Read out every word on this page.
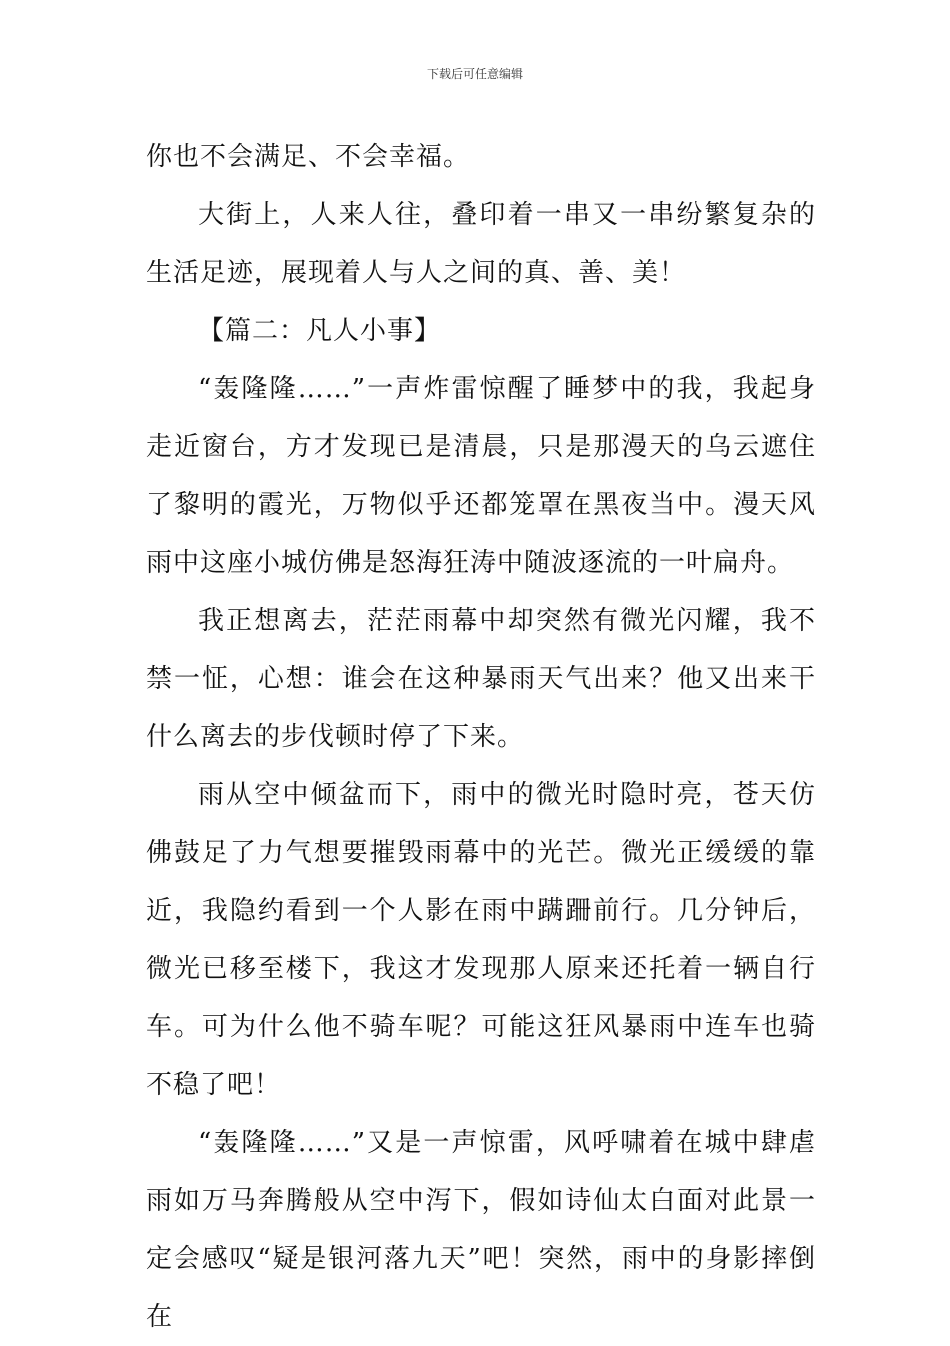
下载后可任意编辑

你也不会满足、不会幸福。

大街上，人来人往，叠印着一串又一串纷繁复杂的生活足迹，展现着人与人之间的真、善、美！

【篇二：凡人小事】

“轰隆隆……”一声炸雷惊醒了睡梦中的我，我起身走近窗台，方才发现已是清晨，只是那漫天的乌云遮住了黎明的霞光，万物似乎还都笼罩在黑夜当中。漫天风雨中这座小城仿佛是怒海狂涛中随波逐流的一叶扁舟。

我正想离去，茫茫雨幕中却突然有微光闪耀，我不禁一怔，心想：谁会在这种暴雨天气出来？他又出来干什么离去的步伐顿时停了下来。

雨从空中倾盆而下，雨中的微光时隐时亮，苍天仿佛鼓足了力气想要摧毁雨幕中的光芒。微光正缓缓的靠近，我隐约看到一个人影在雨中蹒跚前行。几分钟后，微光已移至楼下，我这才发现那人原来还托着一辆自行车。可为什么他不骑车呢？可能这狂风暴雨中连车也骑不稳了吧！

“轰隆隆……”又是一声惊雷，风呼啸着在城中肆虐雨如万马奔腾般从空中泻下，假如诗仙太白面对此景一定会感叹“疑是银河落九天”吧！突然，雨中的身影摔倒在
